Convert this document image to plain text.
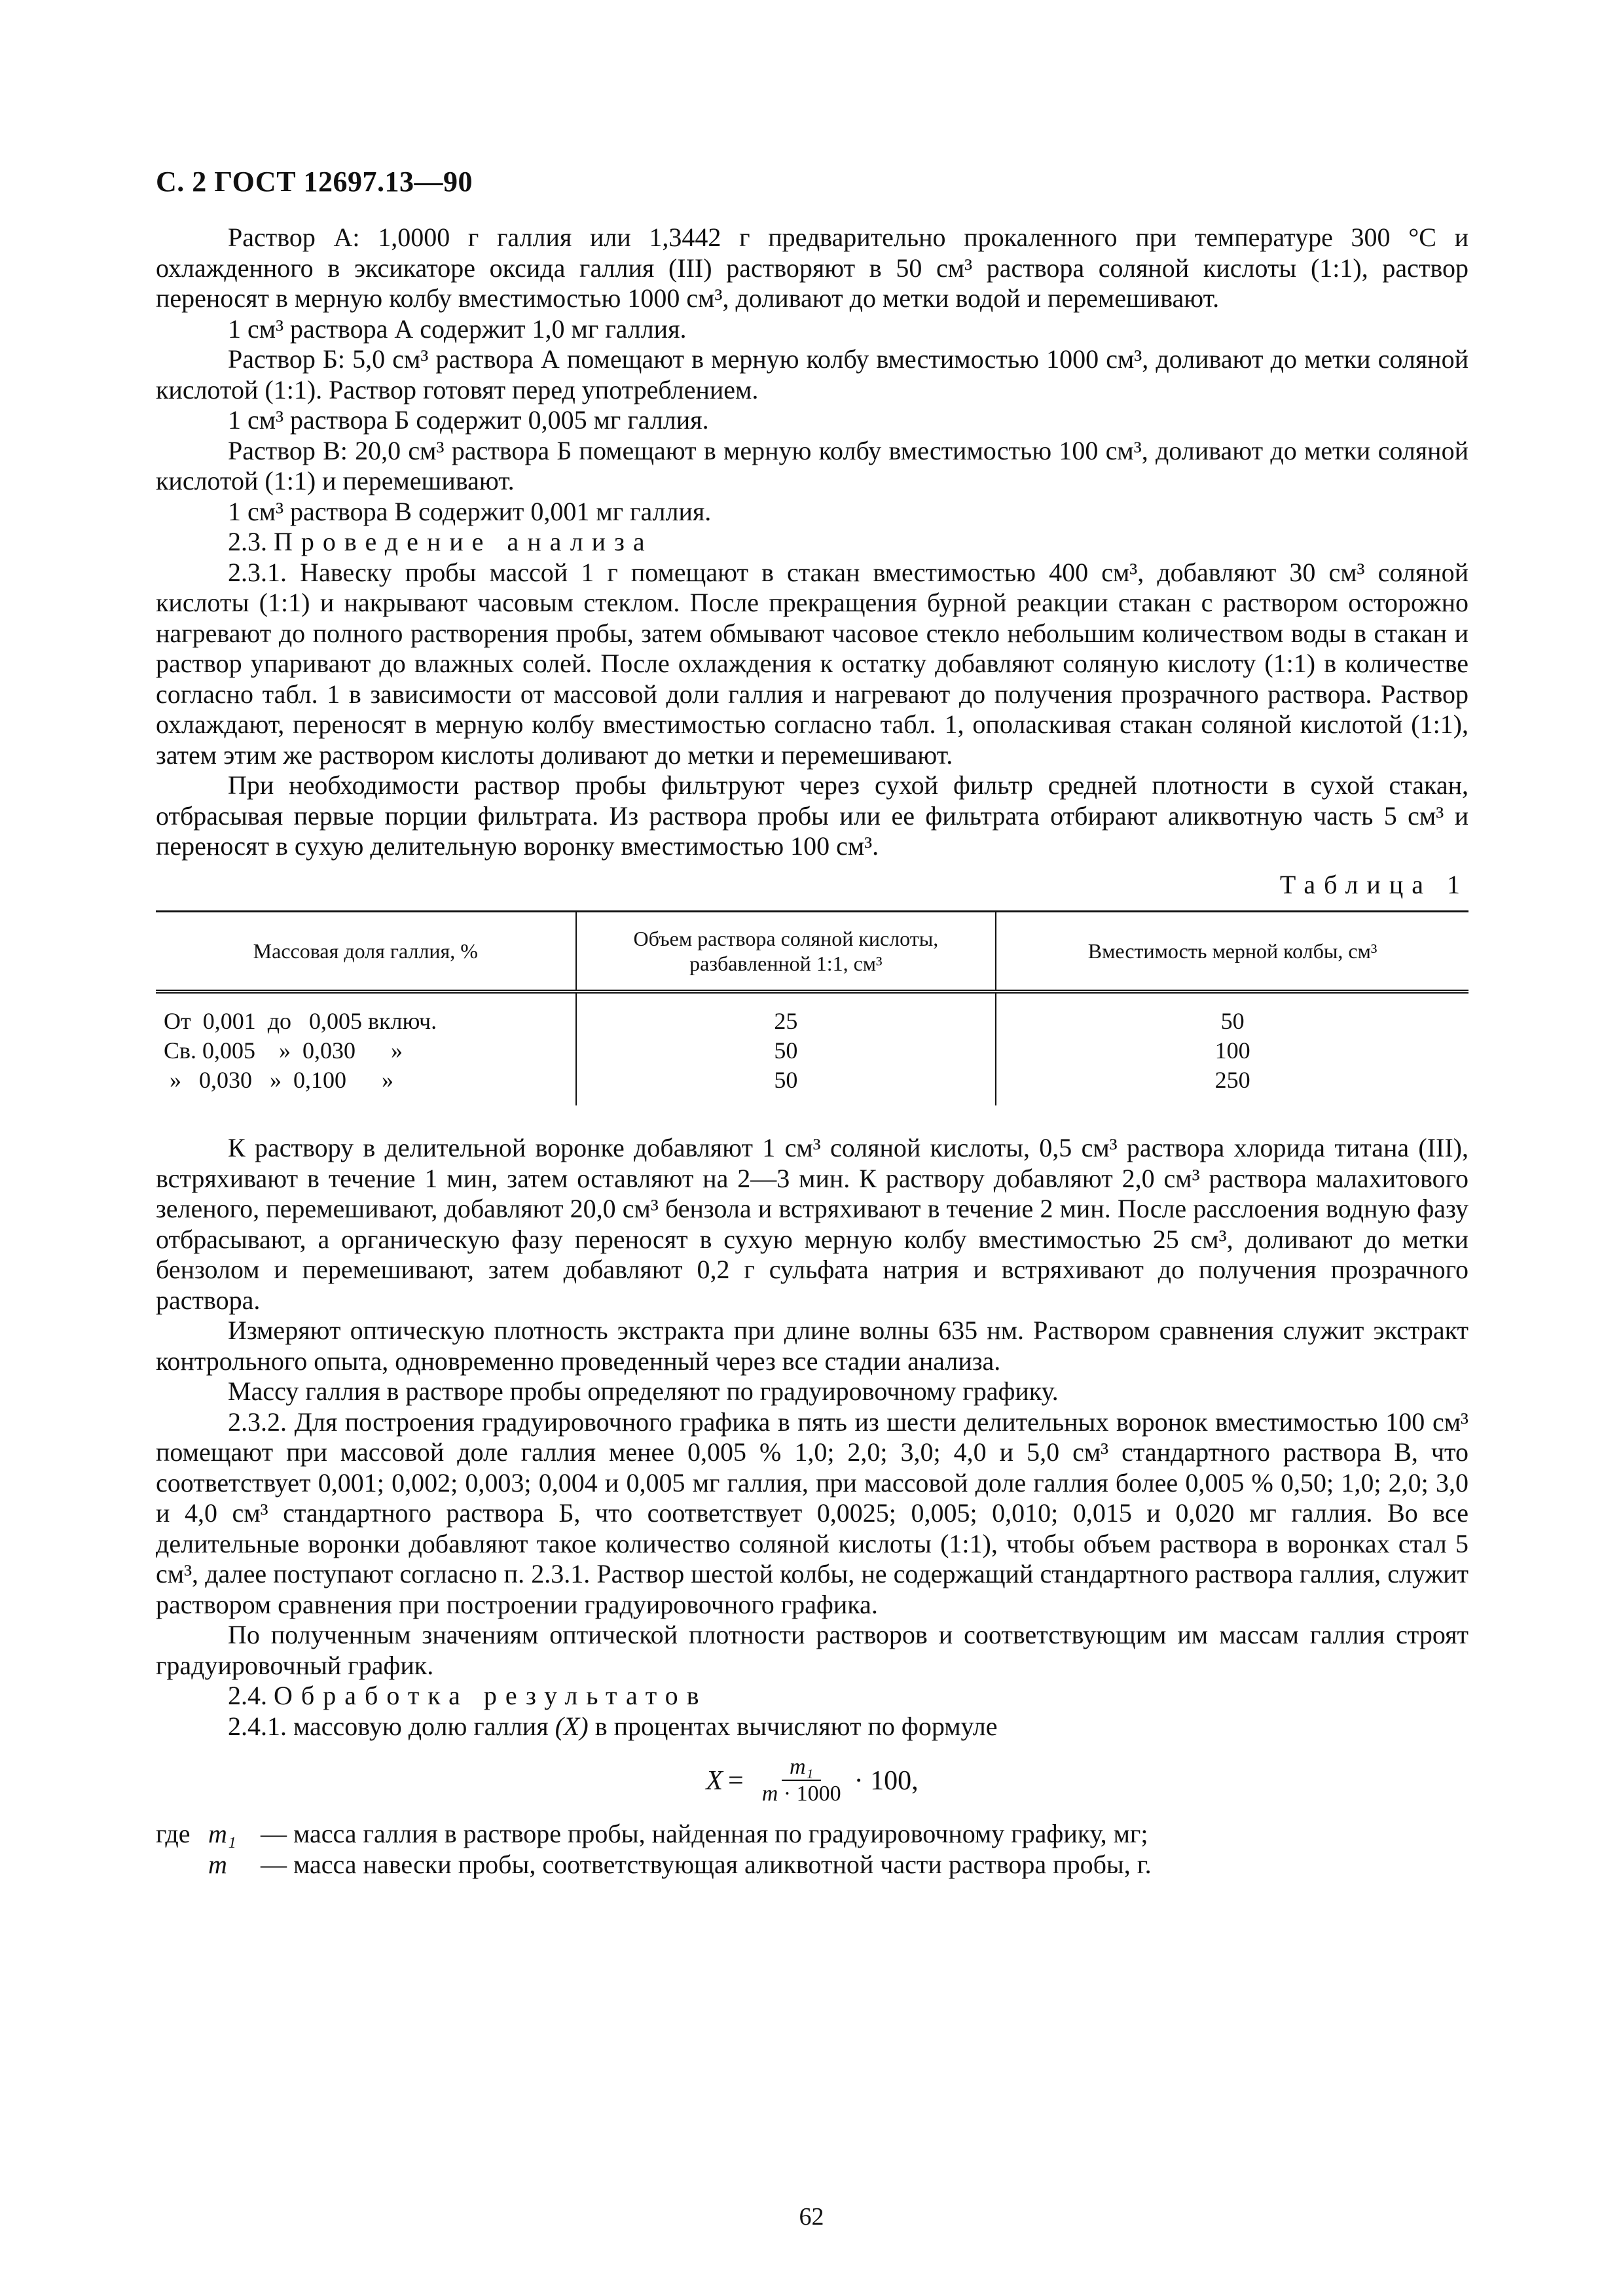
С. 2 ГОСТ 12697.13—90

Раствор А: 1,0000 г галлия или 1,3442 г предварительно прокаленного при температуре 300 °С и охлажденного в эксикаторе оксида галлия (III) растворяют в 50 см³ раствора соляной кислоты (1:1), раствор переносят в мерную колбу вместимостью 1000 см³, доливают до метки водой и перемешивают.

1 см³ раствора А содержит 1,0 мг галлия.

Раствор Б: 5,0 см³ раствора А помещают в мерную колбу вместимостью 1000 см³, доливают до метки соляной кислотой (1:1). Раствор готовят перед употреблением.

1 см³ раствора Б содержит 0,005 мг галлия.

Раствор В: 20,0 см³ раствора Б помещают в мерную колбу вместимостью 100 см³, доливают до метки соляной кислотой (1:1) и перемешивают.

1 см³ раствора В содержит 0,001 мг галлия.

2.3. Проведение анализа

2.3.1. Навеску пробы массой 1 г помещают в стакан вместимостью 400 см³, добавляют 30 см³ соляной кислоты (1:1) и накрывают часовым стеклом. После прекращения бурной реакции стакан с раствором осторожно нагревают до полного растворения пробы, затем обмывают часовое стекло небольшим количеством воды в стакан и раствор упаривают до влажных солей. После охлаждения к остатку добавляют соляную кислоту (1:1) в количестве согласно табл. 1 в зависимости от массовой доли галлия и нагревают до получения прозрачного раствора. Раствор охлаждают, переносят в мерную колбу вместимостью согласно табл. 1, ополаскивая стакан соляной кислотой (1:1), затем этим же раствором кислоты доливают до метки и перемешивают.

При необходимости раствор пробы фильтруют через сухой фильтр средней плотности в сухой стакан, отбрасывая первые порции фильтрата. Из раствора пробы или ее фильтрата отбирают аликвотную часть 5 см³ и переносят в сухую делительную воронку вместимостью 100 см³.

Таблица 1

Массовая доля галлия, %	Объем раствора соляной кислоты, разбавленной 1:1, см³	Вместимость мерной колбы, см³
От  0,001  до   0,005 включ.	25	50
Св. 0,005    »  0,030      »	50	100
»   0,030   »  0,100      »	50	250

К раствору в делительной воронке добавляют 1 см³ соляной кислоты, 0,5 см³ раствора хлорида титана (III), встряхивают в течение 1 мин, затем оставляют на 2—3 мин. К раствору добавляют 2,0 см³ раствора малахитового зеленого, перемешивают, добавляют 20,0 см³ бензола и встряхивают в течение 2 мин. После расслоения водную фазу отбрасывают, а органическую фазу переносят в сухую мерную колбу вместимостью 25 см³, доливают до метки бензолом и перемешивают, затем добавляют 0,2 г сульфата натрия и встряхивают до получения прозрачного раствора.

Измеряют оптическую плотность экстракта при длине волны 635 нм. Раствором сравнения служит экстракт контрольного опыта, одновременно проведенный через все стадии анализа.

Массу галлия в растворе пробы определяют по градуировочному графику.

2.3.2. Для построения градуировочного графика в пять из шести делительных воронок вместимостью 100 см³ помещают при массовой доле галлия менее 0,005 % 1,0; 2,0; 3,0; 4,0 и 5,0 см³ стандартного раствора В, что соответствует 0,001; 0,002; 0,003; 0,004 и 0,005 мг галлия, при массовой доле галлия более 0,005 % 0,50; 1,0; 2,0; 3,0 и 4,0 см³ стандартного раствора Б, что соответствует 0,0025; 0,005; 0,010; 0,015 и 0,020 мг галлия. Во все делительные воронки добавляют такое количество соляной кислоты (1:1), чтобы объем раствора в воронках стал 5 см³, далее поступают согласно п. 2.3.1. Раствор шестой колбы, не содержащий стандартного раствора галлия, служит раствором сравнения при построении градуировочного графика.

По полученным значениям оптической плотности растворов и соответствующим им массам галлия строят градуировочный график.

2.4. Обработка результатов

2.4.1. массовую долю галлия (X) в процентах вычисляют по формуле

$X = \frac{\text{m₁}}{m \cdot 1000} \cdot 100$,
где m₁ — масса галлия в растворе пробы, найденная по градуировочному графику, мг;
m	— масса навески пробы, соответствующая аликвотной части раствора пробы, г.
62
